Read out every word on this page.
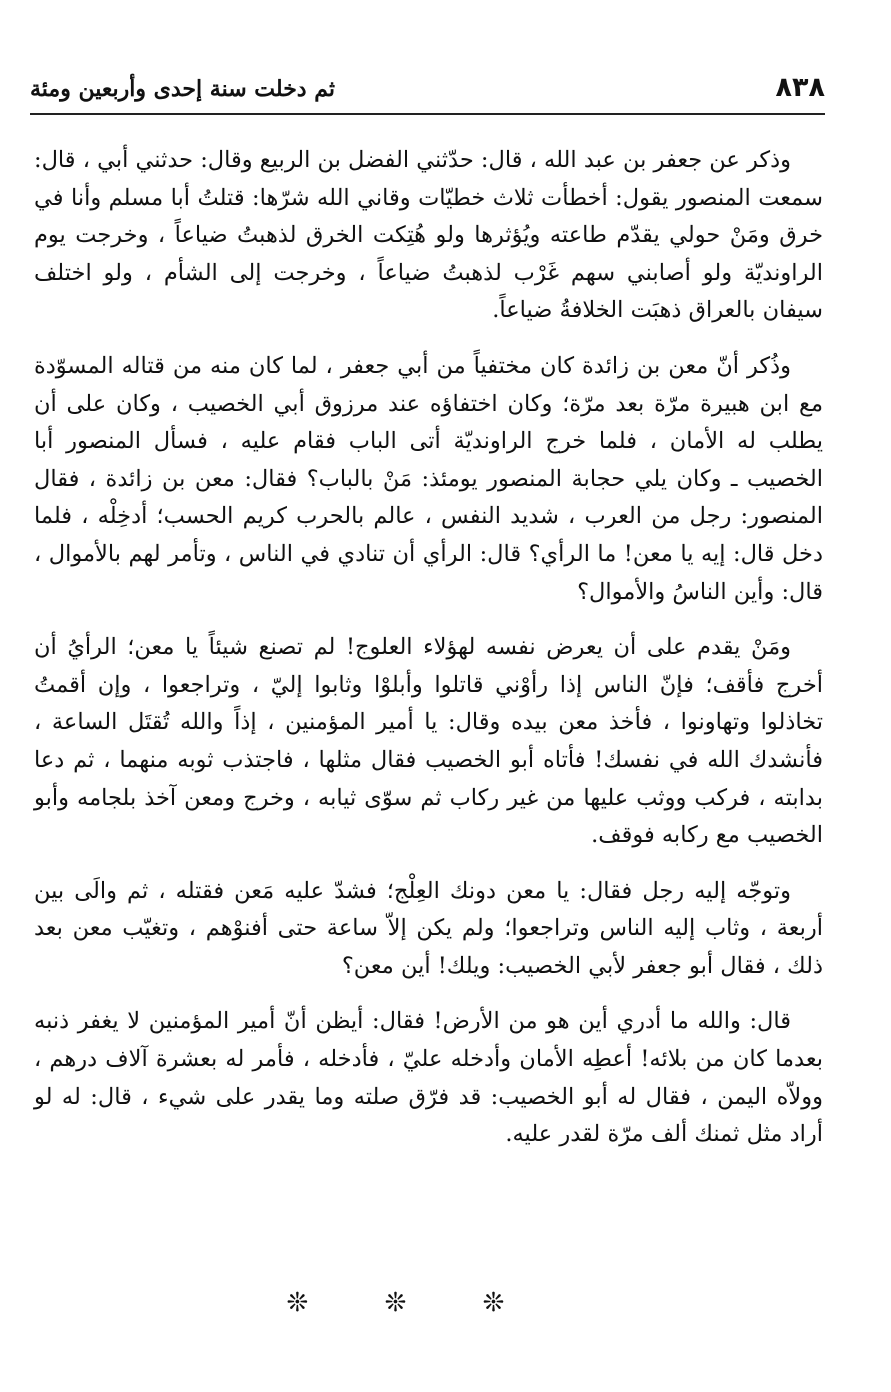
٨٣٨
ثم دخلت سنة إحدى وأربعين ومئة

وذكر عن جعفر بن عبد الله ، قال: حدّثني الفضل بن الربيع وقال: حدثني أبي ، قال: سمعت المنصور يقول: أخطأت ثلاث خطيّات وقاني الله شرّها: قتلتُ أبا مسلم وأنا في خرق ومَنْ حولي يقدّم طاعته ويُؤثرها ولو هُتِكت الخرق لذهبتُ ضياعاً ، وخرجت يوم الراونديّة ولو أصابني سهم غَرْب لذهبتُ ضياعاً ، وخرجت إلى الشأم ، ولو اختلف سيفان بالعراق ذهبَت الخلافةُ ضياعاً.

وذُكر أنّ معن بن زائدة كان مختفياً من أبي جعفر ، لما كان منه من قتاله المسوّدة مع ابن هبيرة مرّة بعد مرّة؛ وكان اختفاؤه عند مرزوق أبي الخصيب ، وكان على أن يطلب له الأمان ، فلما خرج الراونديّة أتى الباب فقام عليه ، فسأل المنصور أبا الخصيب ـ وكان يلي حجابة المنصور يومئذ: مَنْ بالباب؟ فقال: معن بن زائدة ، فقال المنصور: رجل من العرب ، شديد النفس ، عالم بالحرب كريم الحسب؛ أدخِلْه ، فلما دخل قال: إيه يا معن! ما الرأي؟ قال: الرأي أن تنادي في الناس ، وتأمر لهم بالأموال ، قال: وأين الناسُ والأموال؟

ومَنْ يقدم على أن يعرض نفسه لهؤلاء العلوج! لم تصنع شيئاً يا معن؛ الرأيُ أن أخرج فأقف؛ فإنّ الناس إذا رأوْني قاتلوا وأبلوْا وثابوا إليّ ، وتراجعوا ، وإن أقمتُ تخاذلوا وتهاونوا ، فأخذ معن بيده وقال: يا أمير المؤمنين ، إذاً والله تُقتَل الساعة ، فأنشدك الله في نفسك! فأتاه أبو الخصيب فقال مثلها ، فاجتذب ثوبه منهما ، ثم دعا بدابته ، فركب ووثب عليها من غير ركاب ثم سوّى ثيابه ، وخرج ومعن آخذ بلجامه وأبو الخصيب مع ركابه فوقف.

وتوجّه إليه رجل فقال: يا معن دونك العِلْج؛ فشدّ عليه مَعن فقتله ، ثم والَى بين أربعة ، وثاب إليه الناس وتراجعوا؛ ولم يكن إلاّ ساعة حتى أفنوْهم ، وتغيّب معن بعد ذلك ، فقال أبو جعفر لأبي الخصيب: ويلك! أين معن؟

قال: والله ما أدري أين هو من الأرض! فقال: أيظن أنّ أمير المؤمنين لا يغفر ذنبه بعدما كان من بلائه! أعطِه الأمان وأدخله عليّ ، فأدخله ، فأمر له بعشرة آلاف درهم ، وولاّه اليمن ، فقال له أبو الخصيب: قد فرّق صلته وما يقدر على شيء ، قال: له لو أراد مثل ثمنك ألف مرّة لقدر عليه.

❊ ❊ ❊
